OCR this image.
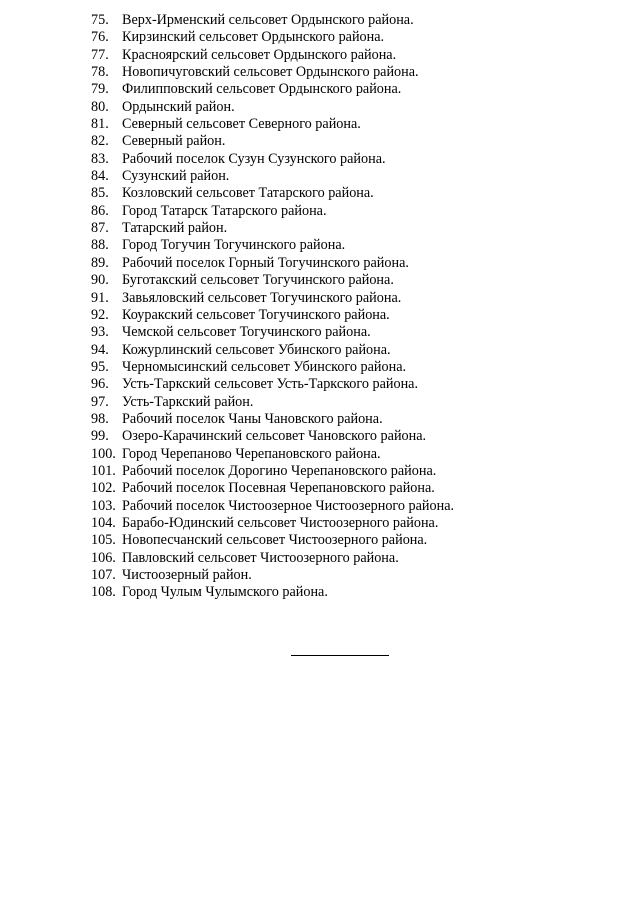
75. Верх-Ирменский сельсовет Ордынского района.
76. Кирзинский сельсовет Ордынского района.
77. Красноярский сельсовет Ордынского района.
78. Новопичуговский сельсовет Ордынского района.
79. Филипповский сельсовет Ордынского района.
80. Ордынский район.
81. Северный сельсовет Северного района.
82. Северный район.
83. Рабочий поселок Сузун Сузунского района.
84. Сузунский район.
85. Козловский сельсовет Татарского района.
86. Город Татарск Татарского района.
87. Татарский район.
88. Город Тогучин Тогучинского района.
89. Рабочий поселок Горный Тогучинского района.
90. Буготакский сельсовет Тогучинского района.
91. Завьяловский сельсовет Тогучинского района.
92. Коуракский сельсовет Тогучинского района.
93. Чемской сельсовет Тогучинского района.
94. Кожурлинский сельсовет Убинского района.
95. Черномысинский сельсовет Убинского района.
96. Усть-Таркский сельсовет Усть-Таркского района.
97. Усть-Таркский район.
98. Рабочий поселок Чаны Чановского района.
99. Озеро-Карачинский сельсовет Чановского района.
100. Город Черепаново Черепановского района.
101. Рабочий поселок Дорогино Черепановского района.
102. Рабочий поселок Посевная Черепановского района.
103. Рабочий поселок Чистоозерное Чистоозерного района.
104. Барабо-Юдинский сельсовет Чистоозерного района.
105. Новопесчанский сельсовет Чистоозерного района.
106. Павловский сельсовет Чистоозерного района.
107. Чистоозерный район.
108. Город Чулым Чулымского района.
